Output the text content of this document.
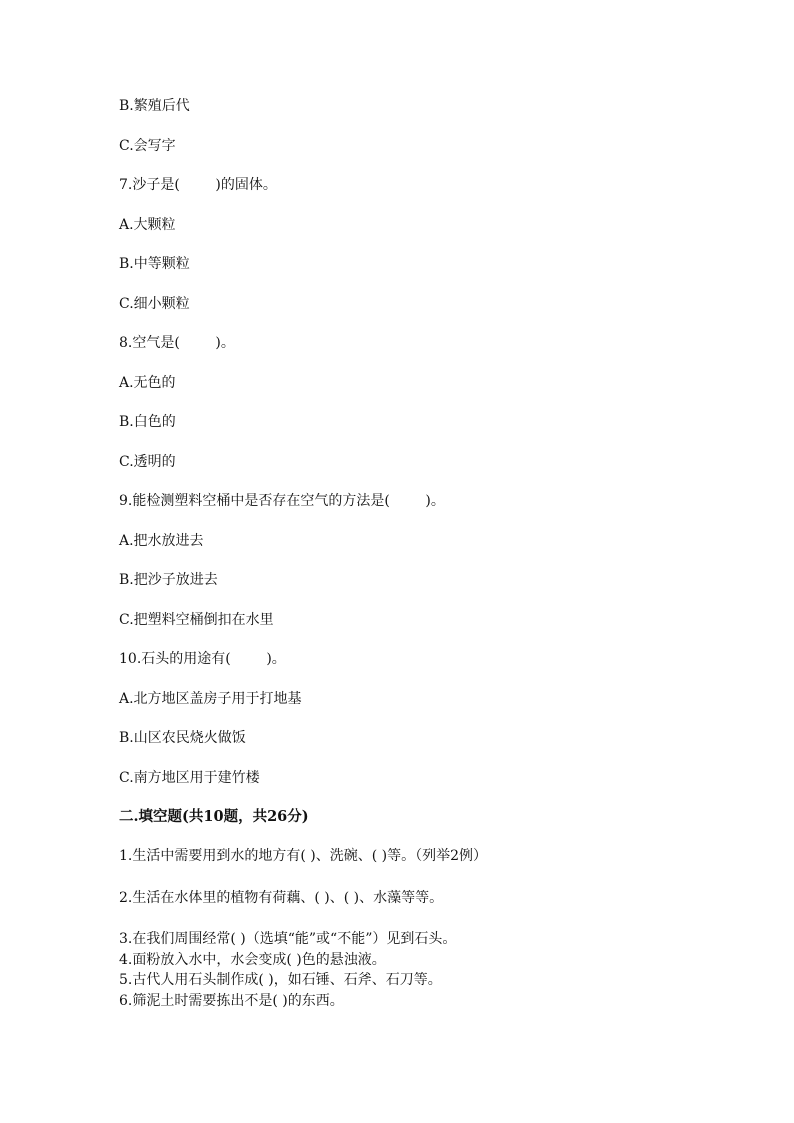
B.繁殖后代
C.会写字
7.沙子是(        )的固体。
A.大颗粒
B.中等颗粒
C.细小颗粒
8.空气是(        )。
A.无色的
B.白色的
C.透明的
9.能检测塑料空桶中是否存在空气的方法是(        )。
A.把水放进去
B.把沙子放进去
C.把塑料空桶倒扣在水里
10.石头的用途有(        )。
A.北方地区盖房子用于打地基
B.山区农民烧火做饭
C.南方地区用于建竹楼
二.填空题(共10题，共26分)
1.生活中需要用到水的地方有( )、洗碗、( )等。（列举2例）
2.生活在水体里的植物有荷藕、( )、( )、水藻等等。
3.在我们周围经常( )（选填“能”或“不能”）见到石头。
4.面粉放入水中，水会变成( )色的悬浊液。
5.古代人用石头制作成( )，如石锤、石斧、石刀等。
6.筛泥土时需要拣出不是( )的东西。
